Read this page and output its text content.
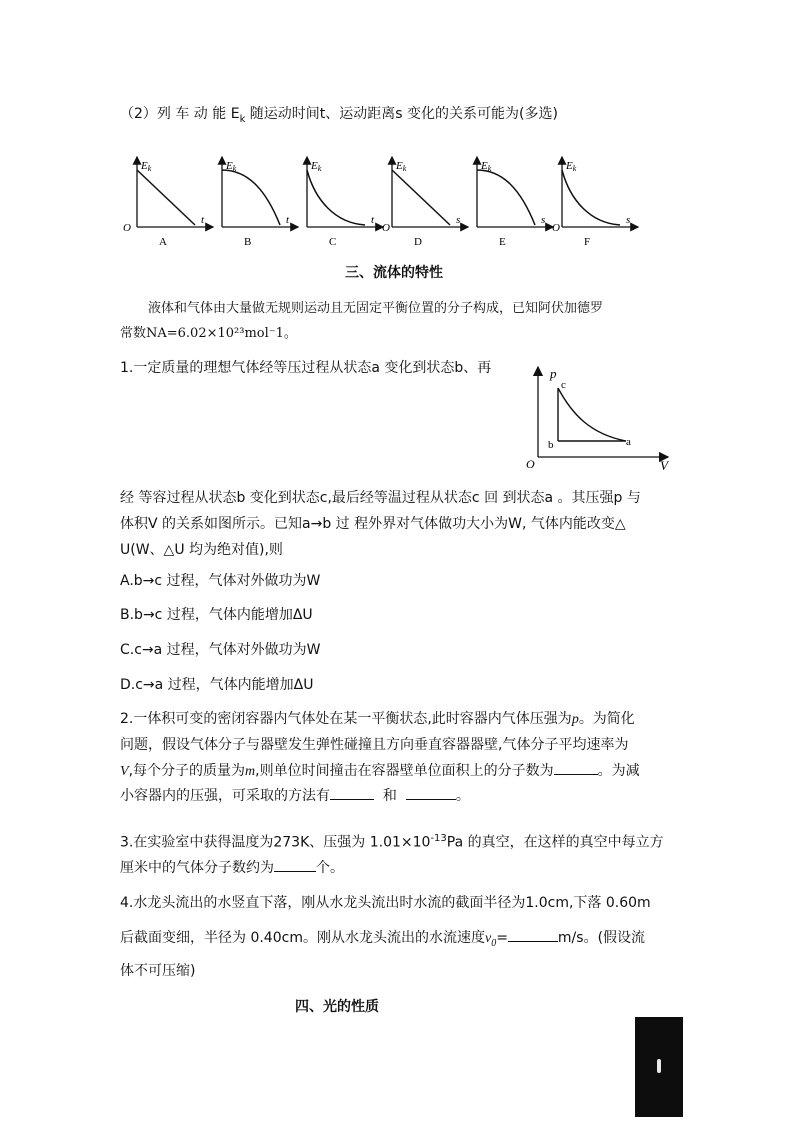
（2）列 车 动 能 $E_k$ 随运动时间t、运动距离s 变化的关系可能为(多选)
Ek
t
O
A
Ek
t
B
Ek
t
C
Ek
s
O
D
Ek
s
E
Ek
s
O
F
三、流体的特性
液体和气体由大量做无规则运动且无固定平衡位置的分子构成，已知阿伏加德罗
常数NA=6.02×10²³mol⁻1。
1.一定质量的理想气体经等压过程从状态a 变化到状态b、再	p
V
O
c
b	a
经 等容过程从状态b 变化到状态c,最后经等温过程从状态c 回 到状态a 。其压强p 与
体积V 的关系如图所示。已知a→b 过 程外界对气体做功大小为W, 气体内能改变△
U(W、△U 均为绝对值),则
A.b→c 过程，气体对外做功为W
B.b→c 过程，气体内能增加ΔU
C.c→a 过程，气体对外做功为W
D.c→a 过程，气体内能增加ΔU
2.一体积可变的密闭容器内气体处在某一平衡状态,此时容器内气体压强为p。为简化
问题，假设气体分子与器壁发生弹性碰撞且方向垂直容器器壁,气体分子平均速率为
V,每个分子的质量为m,则单位时间撞击在容器壁单位面积上的分子数为	。为减
小容器内的压强，可采取的方法有	和	。
3.在实验室中获得温度为273K、压强为 $1.01\times 10^{-13}Pa$ 的真空，在这样的真空中每立方
厘米中的气体分子数约为	个。
4.水龙头流出的水竖直下落，刚从水龙头流出时水流的截面半径为1.0cm,下落 0.60m
后截面变细，半径为 0.40cm。刚从水龙头流出的水流速度$v_0=$	m/s。(假设流
体不可压缩)
四、光的性质
